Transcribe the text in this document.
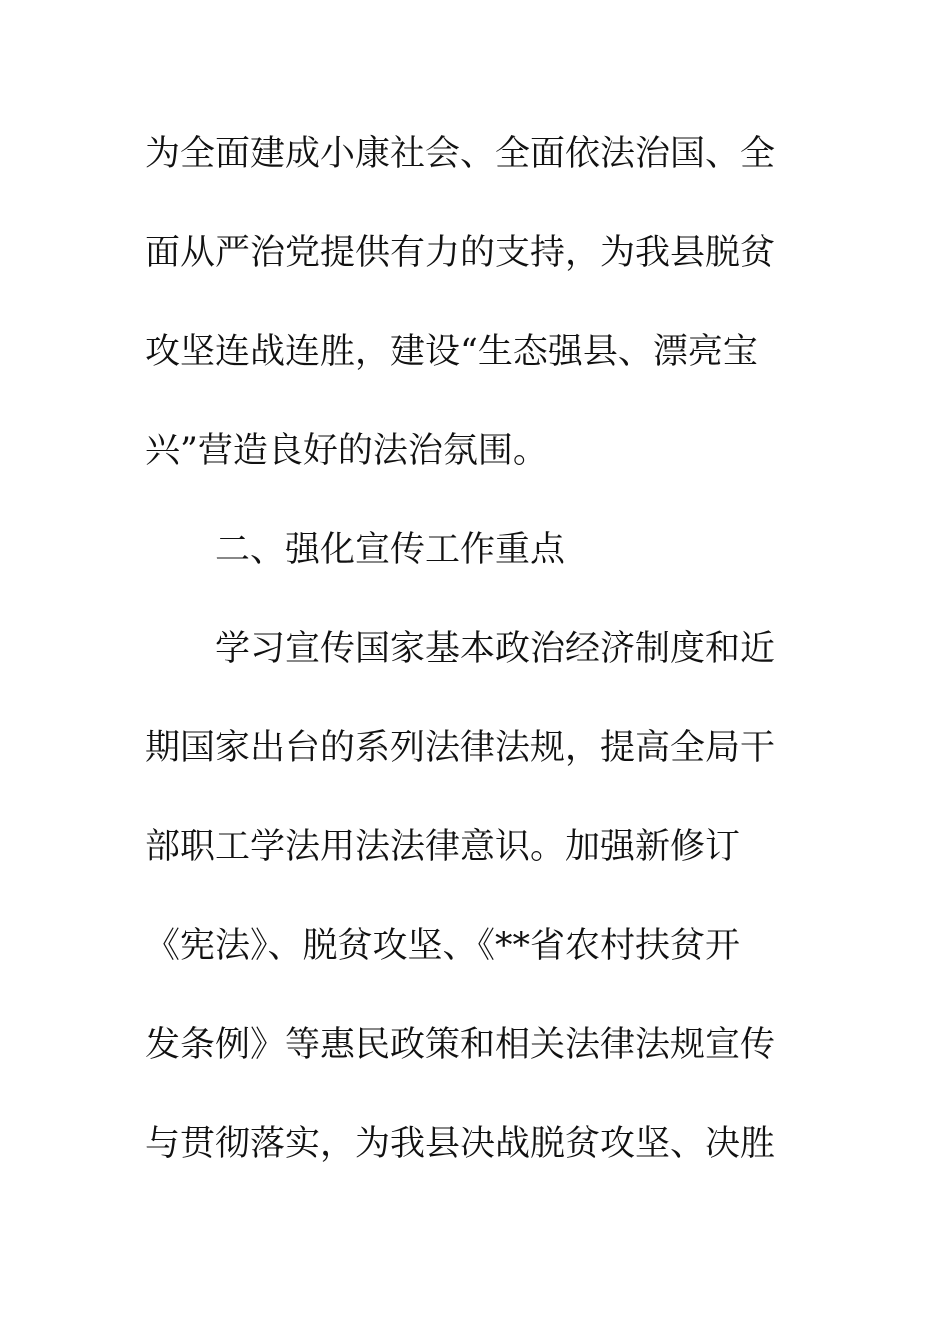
为全面建成小康社会、全面依法治国、全
面从严治党提供有力的支持，为我县脱贫
攻坚连战连胜，建设“生态强县、漂亮宝
兴”营造良好的法治氛围。
二、强化宣传工作重点
学习宣传国家基本政治经济制度和近
期国家出台的系列法律法规，提高全局干
部职工学法用法法律意识。加强新修订
《宪法》、脱贫攻坚、《**省农村扶贫开
发条例》等惠民政策和相关法律法规宣传
与贯彻落实，为我县决战脱贫攻坚、决胜
